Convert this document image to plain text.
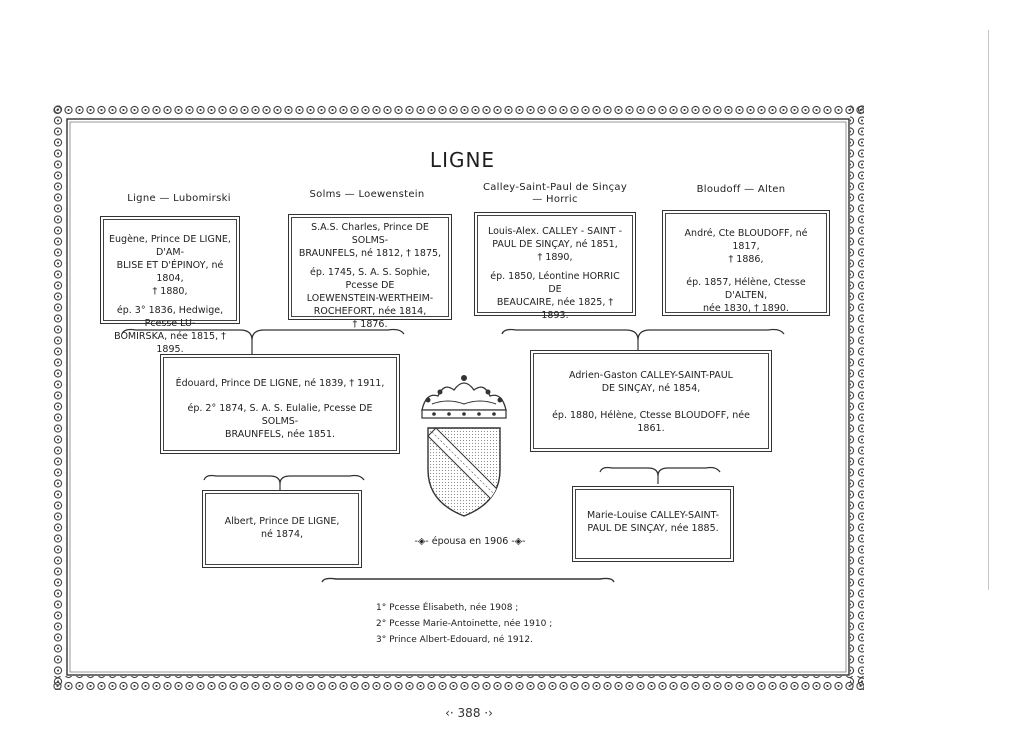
LIGNE
Ligne — Lubomirski	Solms — Loewenstein
Calley-Saint-Paul de Sinçay
— Horric
Bloudoff — Alten
Eugène, Prince DE LIGNE, D'AM-
BLISE ET D'ÉPINOY, né 1804,
† 1880,
ép. 3° 1836, Hedwige, Pcesse LU-
BOMIRSKA, née 1815, † 1895.
S.A.S. Charles, Prince DE SOLMS-
BRAUNFELS, né 1812, † 1875,
ép. 1745, S. A. S. Sophie, Pcesse DE
LOEWENSTEIN-WERTHEIM-
ROCHEFORT, née 1814,
† 1876.
Louis-Alex. CALLEY - SAINT -
PAUL DE SINÇAY, né 1851,
† 1890,
ép. 1850, Léontine HORRIC DE
BEAUCAIRE, née 1825, † 1893.
André, Cte BLOUDOFF, né 1817,
† 1886,
ép. 1857, Hélène, Ctesse D'ALTEN,
née 1830, † 1890.
Édouard, Prince DE LIGNE, né 1839, † 1911,
ép. 2° 1874, S. A. S. Eulalie, Pcesse DE SOLMS-
BRAUNFELS, née 1851.
Adrien-Gaston CALLEY-SAINT-PAUL
DE SINÇAY, né 1854,
ép. 1880, Hélène, Ctesse BLOUDOFF, née 1861.
Albert, Prince DE LIGNE,
né 1874,
Marie-Louise CALLEY-SAINT-
PAUL DE SINÇAY, née 1885.
-◈- épousa en 1906 -◈-
1° Pcesse Élisabeth, née 1908 ;
2° Pcesse Marie-Antoinette, née 1910 ;
3° Prince Albert-Edouard, né 1912.
‹· 388 ·›
